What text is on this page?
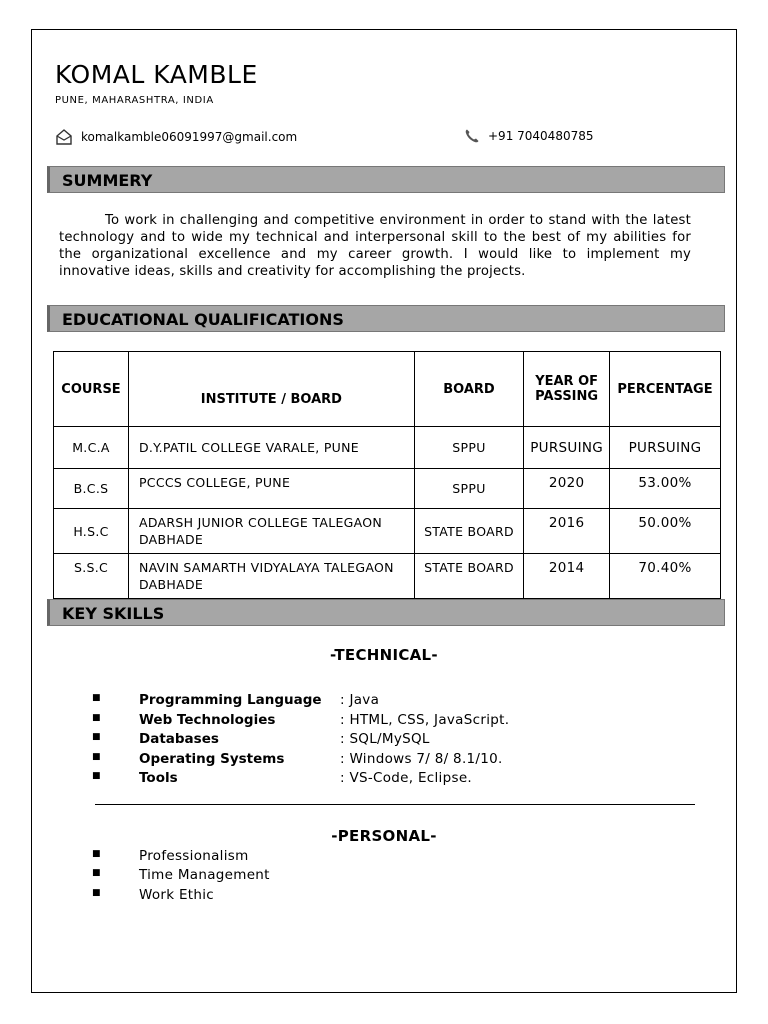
KOMAL KAMBLE
PUNE, MAHARASHTRA, INDIA
komalkamble06091997@gmail.com	+91 7040480785
SUMMERY
To work in challenging and competitive environment in order to stand with the latest technology and to wide my technical and interpersonal skill to the best of my abilities for the organizational excellence and my career growth. I would like to implement my innovative ideas, skills and creativity for accomplishing the projects.
EDUCATIONAL QUALIFICATIONS
COURSE	INSTITUTE / BOARD	BOARD	YEAR OF PASSING	PERCENTAGE
M.C.A	D.Y.PATIL COLLEGE VARALE, PUNE	SPPU	PURSUING	PURSUING
B.C.S	PCCCS COLLEGE, PUNE	SPPU	2020	53.00%
H.S.C	ADARSH JUNIOR COLLEGE TALEGAON DABHADE	STATE BOARD	2016	50.00%
S.S.C	NAVIN SAMARTH VIDYALAYA TALEGAON DABHADE	STATE BOARD	2014	70.40%
KEY SKILLS
-TECHNICAL-
■	Programming Language : Java
■	Web Technologies	: HTML, CSS, JavaScript.
■	Databases	: SQL/MySQL
■	Operating Systems	: Windows 7/ 8/ 8.1/10.
■	Tools	: VS-Code, Eclipse.
-PERSONAL-
■	Professionalism
■	Time Management
■	Work Ethic
